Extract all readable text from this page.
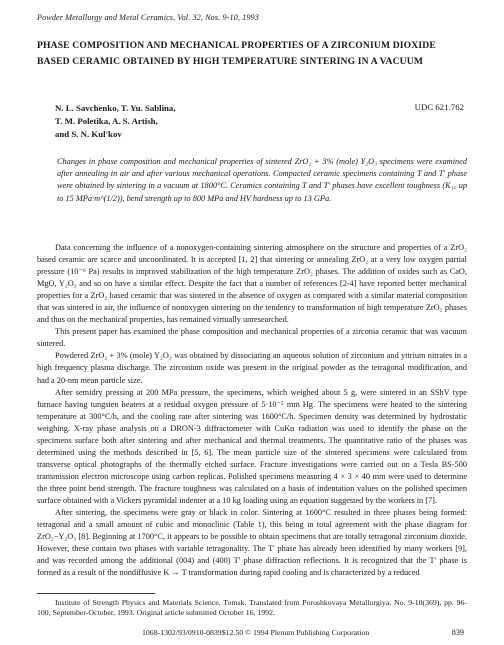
Powder Metallurgy and Metal Ceramics, Vol. 32, Nos. 9-10, 1993
PHASE COMPOSITION AND MECHANICAL PROPERTIES OF A ZIRCONIUM DIOXIDE BASED CERAMIC OBTAINED BY HIGH TEMPERATURE SINTERING IN A VACUUM
N. L. Savchenko, T. Yu. Sablina,
T. M. Poletika, A. S. Artish,
and S. N. Kul'kov
UDC 621.762
Changes in phase composition and mechanical properties of sintered ZrO₂ + 3% (mole) Y₂O₃ specimens were examined after annealing in air and after various mechanical operations. Compacted ceramic specimens containing T and T' phase were obtained by sintering in a vacuum at 1800°C. Ceramics containing T and T' phases have excellent toughness (K₁꜀ up to 15 MPa·m^(1/2)), bend strength up to 800 MPa and HV hardness up to 13 GPa.

Data concerning the influence of a nonoxygen-containing sintering atmosphere on the structure and properties of a ZrO₂ based ceramic are scarce and uncoordinated. It is accepted [1, 2] that sintering or annealing ZrO₂ at a very low oxygen partial pressure (10⁻⁶ Pa) results in improved stabilization of the high temperature ZrO₂ phases. The addition of oxides such as CaO, MgO, Y₂O₃ and so on have a similar effect. Despite the fact that a number of references [2-4] have reported better mechanical properties for a ZrO₂ based ceramic that was sintered in the absence of oxygen as compared with a similar material composition that was sintered in air, the influence of nonoxygen sintering on the tendency to transformation of high temperature ZrO₂ phases and thus on the mechanical properties, has remained virtually unresearched.

This present paper has examined the phase composition and mechanical properties of a zirconia ceramic that was vacuum sintered.

Powdered ZrO₂ + 3% (mole) Y₂O₃ was obtained by dissociating an aqueous solution of zirconium and yttrium nitrates in a high frequency plasma discharge. The zirconium oxide was present in the original powder as the tetragonal modification, and had a 20-nm mean particle size.

After semidry pressing at 200 MPa pressure, the specimens, which weighed about 5 g, were sintered in an SShV type furnace having tungsten heaters at a residual oxygen pressure of 5·10⁻⁵ mm Hg. The specimens were heated to the sintering temperature at 300°C/h, and the cooling rate after sintering was 1600°C/h. Specimen density was determined by hydrostatic weighing. X-ray phase analysis on a DRON-3 diffractometer with CuKα radiation was used to identify the phase on the specimens surface both after sintering and after mechanical and thermal treatments. The quantitative ratio of the phases was determined using the methods described in [5, 6]. The mean particle size of the sintered specimens were calculated from transverse optical photographs of the thermally etched surface. Fracture investigations were carried out on a Tesla BS-500 transmission electron microscope using carbon replicas. Polished specimens measuring 4 × 3 × 40 mm were used to determine the three point bend strength. The fracture toughness was calculated on a basis of indentation values on the polished specimen surface obtained with a Vickers pyramidal indenter at a 10 kg loading using an equation suggested by the workers in [7].

After sintering, the specimens were gray or black in color. Sintering at 1600°C resulted in three phases being formed: tetragonal and a small amount of cubic and monoclinic (Table 1), this being in total agreement with the phase diagram for ZrO₂−Y₂O₃ [8]. Beginning at 1700°C, it appears to be possible to obtain specimens that are totally tetragonal zirconium dioxide. However, these contain two phases with variable tetragonality. The T' phase has already been identified by many workers [9], and was recorded among the additional (004) and (400) T' phase diffraction reflections. It is recognized that the T' phase is formed as a result of the nondiffusive K → T transformation during rapid cooling and is characterized by a reduced

Institute of Strength Physics and Materials Science, Tomsk. Translated from Poroshkovaya Metallurgiya, No. 9-10(369), pp. 96-100, September-October, 1993. Original article submitted October 16, 1992.
1068-1302/93/0910-0839$12.50 © 1994 Plenum Publishing Corporation	839
